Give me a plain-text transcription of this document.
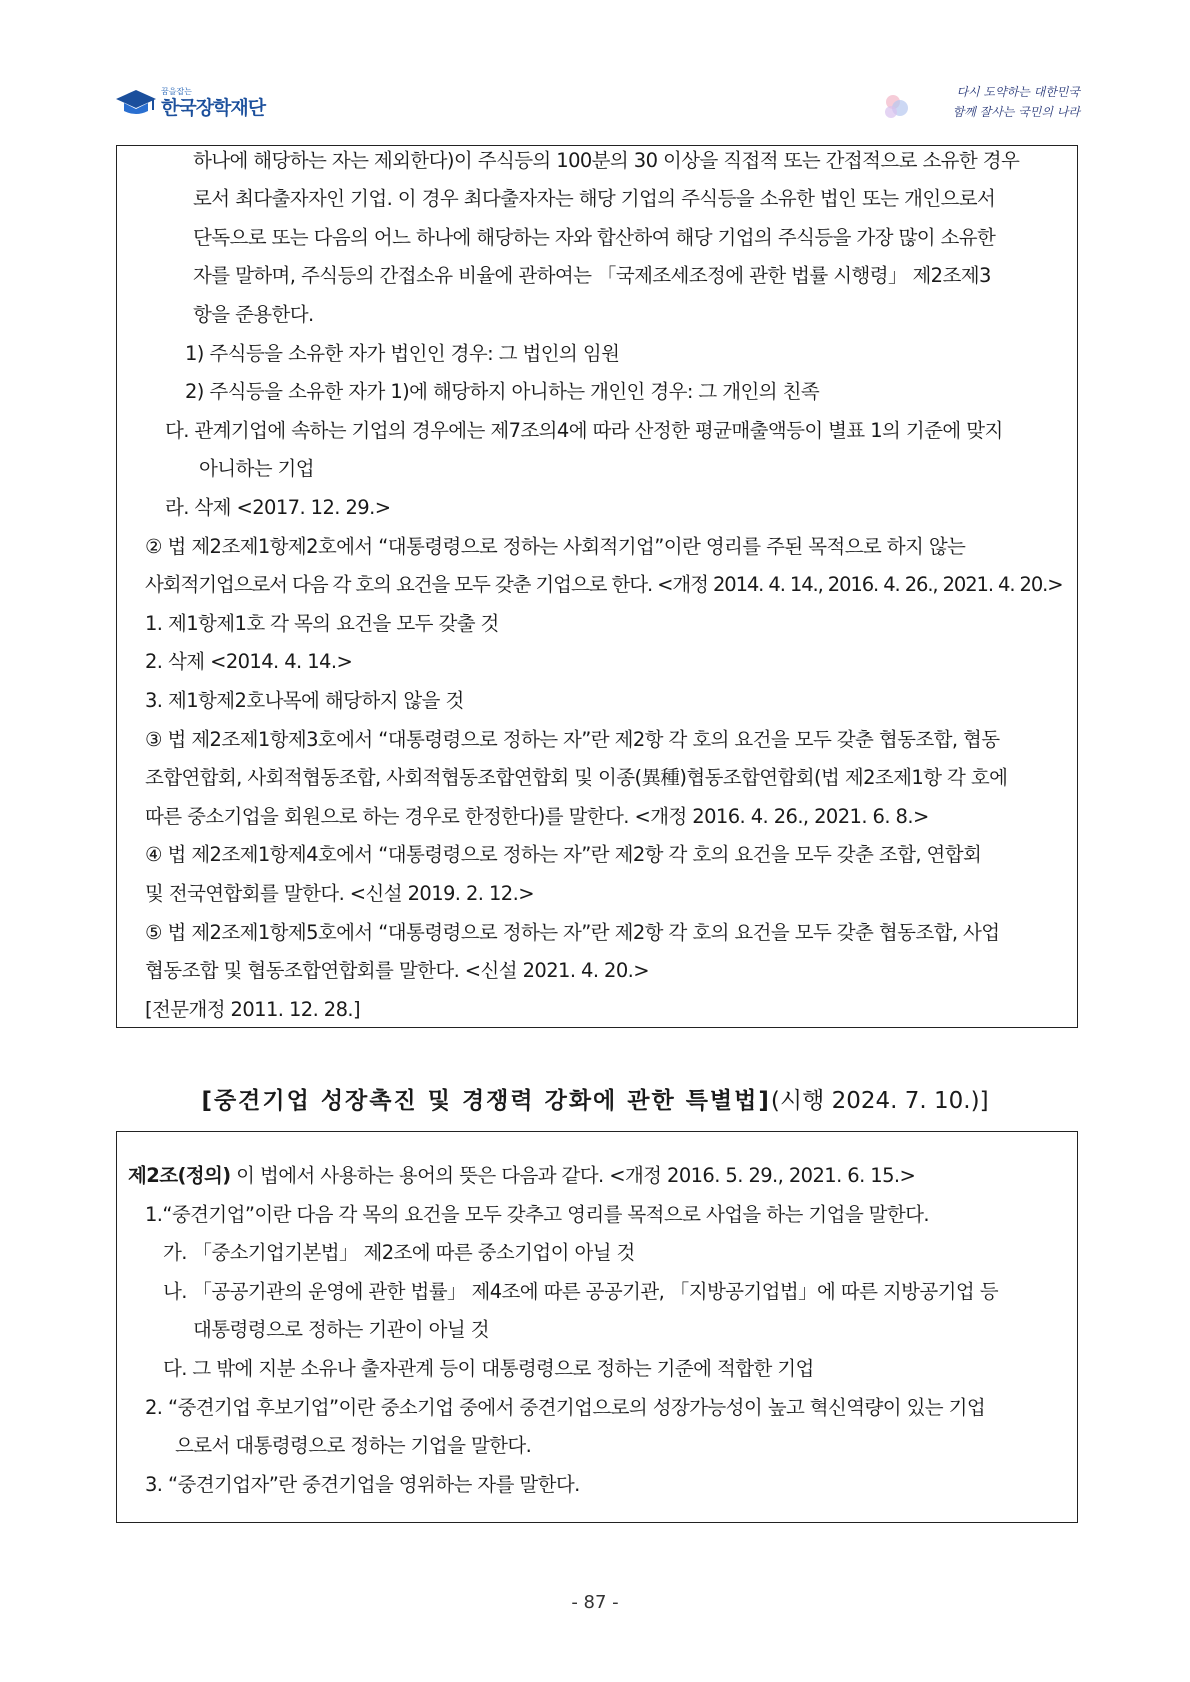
꿈을잡는
한국장학재단
다시 도약하는 대한민국
함께 잘사는 국민의 나라
하나에 해당하는 자는 제외한다)이 주식등의 100분의 30 이상을 직접적 또는 간접적으로 소유한 경우
로서 최다출자자인 기업. 이 경우 최다출자자는 해당 기업의 주식등을 소유한 법인 또는 개인으로서
단독으로 또는 다음의 어느 하나에 해당하는 자와 합산하여 해당 기업의 주식등을 가장 많이 소유한
자를 말하며, 주식등의 간접소유 비율에 관하여는 「국제조세조정에 관한 법률 시행령」 제2조제3
항을 준용한다.
1) 주식등을 소유한 자가 법인인 경우: 그 법인의 임원
2) 주식등을 소유한 자가 1)에 해당하지 아니하는 개인인 경우: 그 개인의 친족
다. 관계기업에 속하는 기업의 경우에는 제7조의4에 따라 산정한 평균매출액등이 별표 1의 기준에 맞지
아니하는 기업
라. 삭제 <2017. 12. 29.>
② 법 제2조제1항제2호에서 “대통령령으로 정하는 사회적기업”이란 영리를 주된 목적으로 하지 않는
사회적기업으로서 다음 각 호의 요건을 모두 갖춘 기업으로 한다. <개정 2014. 4. 14., 2016. 4. 26., 2021. 4. 20.>
1. 제1항제1호 각 목의 요건을 모두 갖출 것
2. 삭제 <2014. 4. 14.>
3. 제1항제2호나목에 해당하지 않을 것
③ 법 제2조제1항제3호에서 “대통령령으로 정하는 자”란 제2항 각 호의 요건을 모두 갖춘 협동조합, 협동
조합연합회, 사회적협동조합, 사회적협동조합연합회 및 이종(異種)협동조합연합회(법 제2조제1항 각 호에
따른 중소기업을 회원으로 하는 경우로 한정한다)를 말한다. <개정 2016. 4. 26., 2021. 6. 8.>
④ 법 제2조제1항제4호에서 “대통령령으로 정하는 자”란 제2항 각 호의 요건을 모두 갖춘 조합, 연합회
및 전국연합회를 말한다. <신설 2019. 2. 12.>
⑤ 법 제2조제1항제5호에서 “대통령령으로 정하는 자”란 제2항 각 호의 요건을 모두 갖춘 협동조합, 사업
협동조합 및 협동조합연합회를 말한다. <신설 2021. 4. 20.>
[전문개정 2011. 12. 28.]
[중견기업 성장촉진 및 경쟁력 강화에 관한 특별법](시행 2024. 7. 10.)]
제2조(정의) 이 법에서 사용하는 용어의 뜻은 다음과 같다. <개정 2016. 5. 29., 2021. 6. 15.>
1.“중견기업”이란 다음 각 목의 요건을 모두 갖추고 영리를 목적으로 사업을 하는 기업을 말한다.
가. 「중소기업기본법」 제2조에 따른 중소기업이 아닐 것
나. 「공공기관의 운영에 관한 법률」 제4조에 따른 공공기관, 「지방공기업법」에 따른 지방공기업 등
대통령령으로 정하는 기관이 아닐 것
다. 그 밖에 지분 소유나 출자관계 등이 대통령령으로 정하는 기준에 적합한 기업
2. “중견기업 후보기업”이란 중소기업 중에서 중견기업으로의 성장가능성이 높고 혁신역량이 있는 기업
으로서 대통령령으로 정하는 기업을 말한다.
3. “중견기업자”란 중견기업을 영위하는 자를 말한다.
- 87 -
